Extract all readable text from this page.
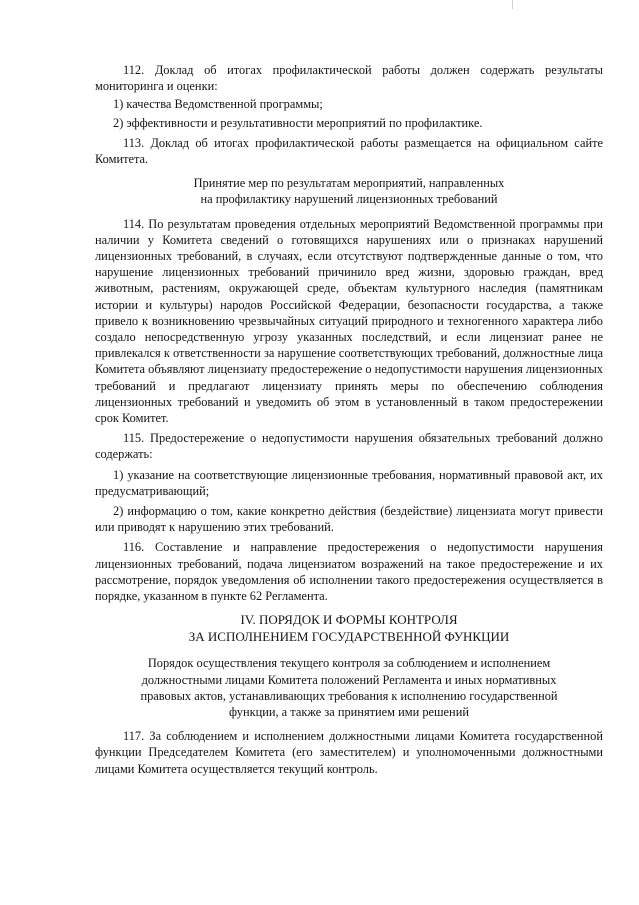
112. Доклад об итогах профилактической работы должен содержать результаты мониторинга и оценки:

1) качества Ведомственной программы;

2) эффективности и результативности мероприятий по профилактике.

113. Доклад об итогах профилактической работы размещается на официальном сайте Комитета.

Принятие мер по результатам мероприятий, направленных

на профилактику нарушений лицензионных требований

114. По результатам проведения отдельных мероприятий Ведомственной программы при наличии у Комитета сведений о готовящихся нарушениях или о признаках нарушений лицензионных требований, в случаях, если отсутствуют подтвержденные данные о том, что нарушение лицензионных требований причинило вред жизни, здоровью граждан, вред животным, растениям, окружающей среде, объектам культурного наследия (памятникам истории и культуры) народов Российской Федерации, безопасности государства, а также привело к возникновению чрезвычайных ситуаций природного и техногенного характера либо создало непосредственную угрозу указанных последствий, и если лицензиат ранее не привлекался к ответственности за нарушение соответствующих требований, должностные лица Комитета объявляют лицензиату предостережение о недопустимости нарушения лицензионных требований и предлагают лицензиату принять меры по обеспечению соблюдения лицензионных требований и уведомить об этом в установленный в таком предостережении срок Комитет.

115. Предостережение о недопустимости нарушения обязательных требований должно содержать:

1) указание на соответствующие лицензионные требования, нормативный правовой акт, их предусматривающий;

2) информацию о том, какие конкретно действия (бездействие) лицензиата могут привести или приводят к нарушению этих требований.

116. Составление и направление предостережения о недопустимости нарушения лицензионных требований, подача лицензиатом возражений на такое предостережение и их рассмотрение, порядок уведомления об исполнении такого предостережения осуществляется в порядке, указанном в пункте 62 Регламента.

IV. ПОРЯДОК И ФОРМЫ КОНТРОЛЯ

ЗА ИСПОЛНЕНИЕМ ГОСУДАРСТВЕННОЙ ФУНКЦИИ

Порядок осуществления текущего контроля за соблюдением и исполнением

должностными лицами Комитета положений Регламента и иных нормативных

правовых актов, устанавливающих требования к исполнению государственной

функции, а также за принятием ими решений

117. За соблюдением и исполнением должностными лицами Комитета государственной функции Председателем Комитета (его заместителем) и уполномоченными должностными лицами Комитета осуществляется текущий контроль.
